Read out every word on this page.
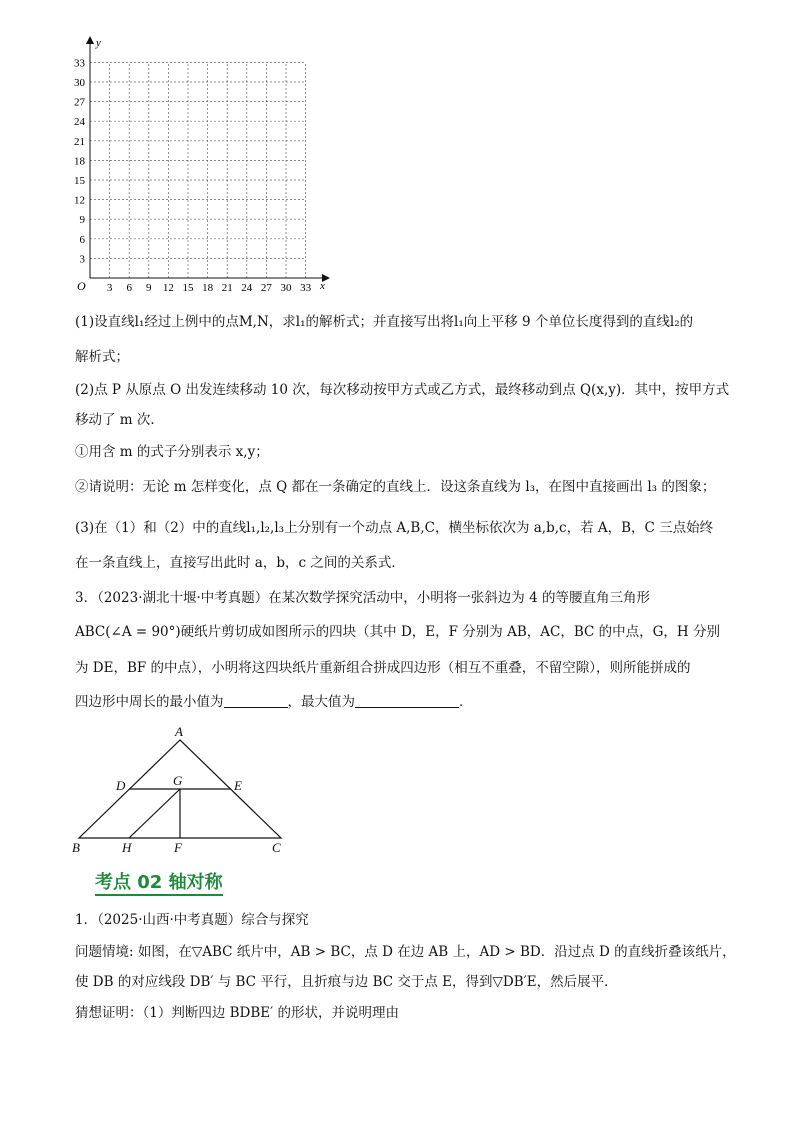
y
x
O
3
6
9
12
15
18
21
24
27
30
33
3 6 9 12 15 18 21 24 27 30 33
(1)设直线l₁经过上例中的点M,N，求l₁的解析式；并直接写出将l₁向上平移 9 个单位长度得到的直线l₂的
解析式；
(2)点 P 从原点 O 出发连续移动 10 次，每次移动按甲方式或乙方式，最终移动到点 Q(x,y)．其中，按甲方式
移动了 m 次．
①用含 m 的式子分别表示 x,y；
②请说明：无论 m 怎样变化，点 Q 都在一条确定的直线上．设这条直线为 l₃，在图中直接画出 l₃ 的图象；
(3)在（1）和（2）中的直线l₁,l₂,l₃上分别有一个动点 A,B,C，横坐标依次为 a,b,c，若 A，B，C 三点始终
在一条直线上，直接写出此时 a，b，c 之间的关系式．
3．（2023·湖北十堰·中考真题）在某次数学探究活动中，小明将一张斜边为 4 的等腰直角三角形
ABC(∠A = 90°)硬纸片剪切成如图所示的四块（其中 D，E，F 分别为 AB，AC，BC 的中点，G，H 分别
为 DE，BF 的中点），小明将这四块纸片重新组合拼成四边形（相互不重叠，不留空隙），则所能拼成的
四边形中周长的最小值为	，最大值为	．
A
D	G	E
B	H	F	C
考点 02 轴对称
1．（2025·山西·中考真题）综合与探究
问题情境: 如图，在▽ABC 纸片中，AB > BC，点 D 在边 AB 上，AD > BD．沿过点 D 的直线折叠该纸片，
使 DB 的对应线段 DB′ 与 BC 平行，且折痕与边 BC 交于点 E，得到▽DB′E，然后展平．
猜想证明：（1）判断四边 BDBE′ 的形状，并说明理由
